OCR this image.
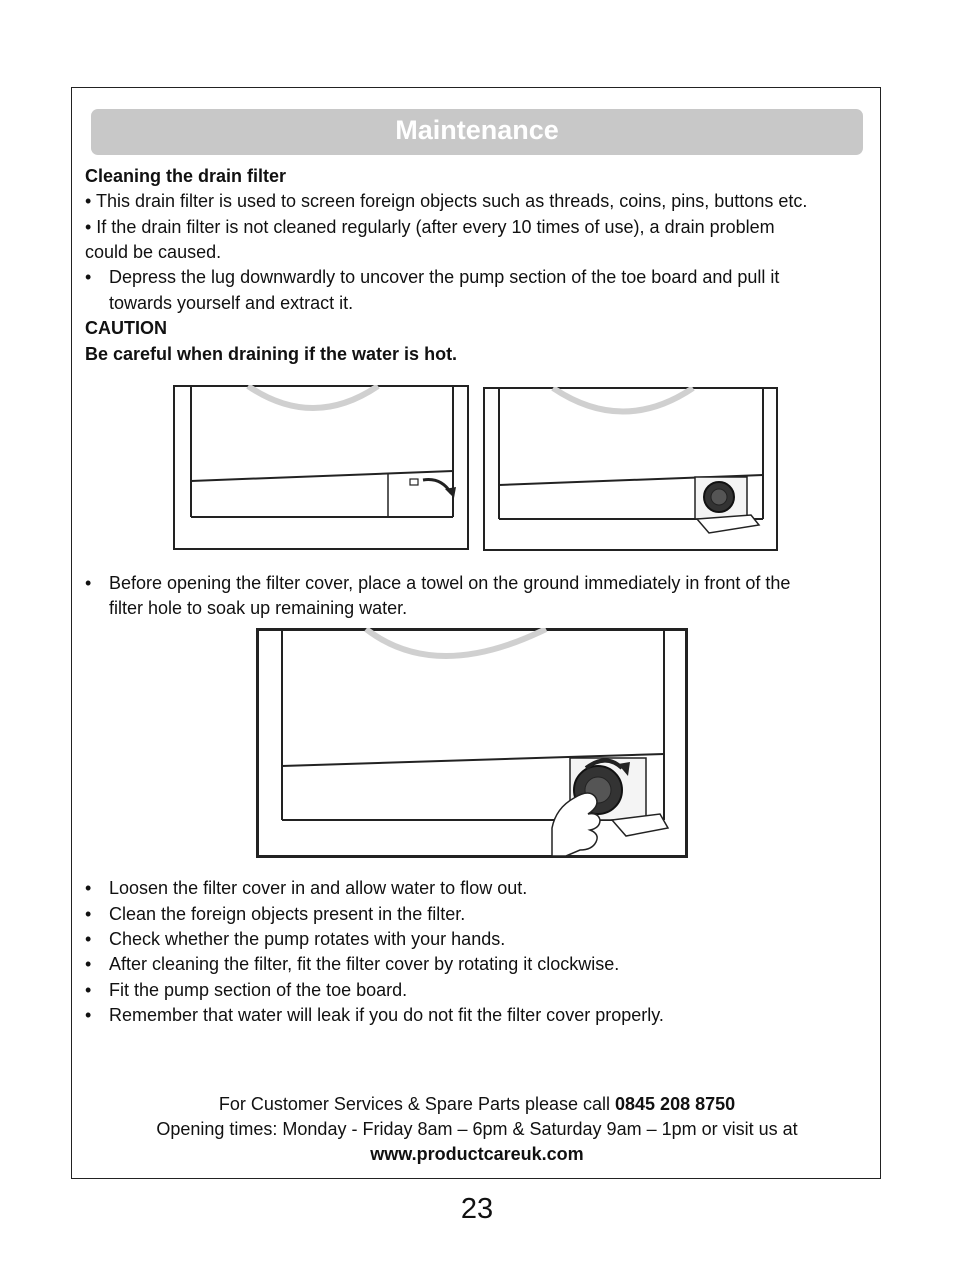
Maintenance
Cleaning the drain filter
• This drain filter is used to screen foreign objects such as threads, coins, pins, buttons etc.
• If the drain filter is not cleaned regularly (after every 10 times of use), a drain problem
could be caused.
• Depress the lug downwardly to uncover the pump section of the toe board and pull it
towards yourself and extract it.
CAUTION
Be careful when draining if the water is hot.
• Before opening the filter cover, place a towel on the ground immediately in front of the
filter hole to soak up remaining water.
• Loosen the filter cover in and allow water to flow out.
• Clean the foreign objects present in the filter.
• Check whether the pump rotates with your hands.
• After cleaning the filter, fit the filter cover by rotating it clockwise.
• Fit the pump section of the toe board.
• Remember that water will leak if you do not fit the filter cover properly.
For Customer Services & Spare Parts please call 0845 208 8750
Opening times: Monday - Friday 8am – 6pm & Saturday 9am – 1pm or visit us at
www.productcareuk.com
23
